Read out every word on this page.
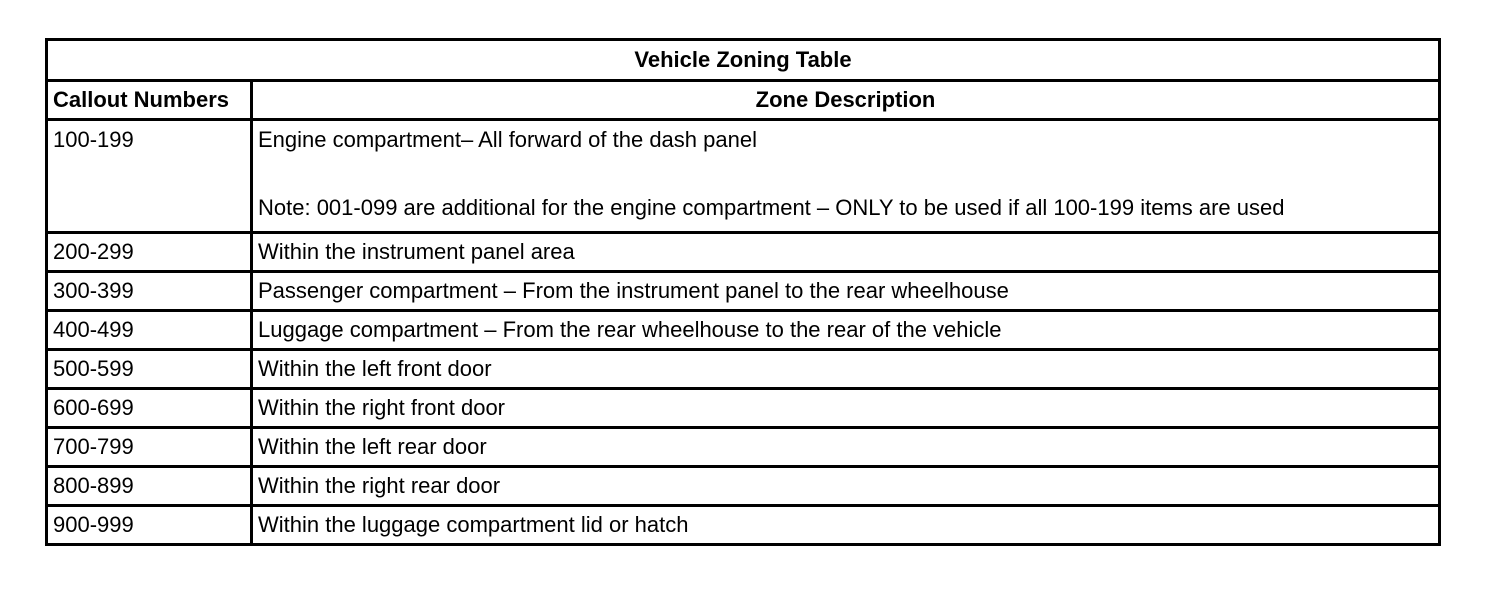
Vehicle Zoning Table	
Callout Numbers	Zone Description
100-199	Engine compartment– All forward of the dash panel
Note: 001-099 are additional for the engine compartment – ONLY to be used if all 100-199 items are used

200-299	Within the instrument panel area
300-399	Passenger compartment – From the instrument panel to the rear wheelhouse
400-499	Luggage compartment – From the rear wheelhouse to the rear of the vehicle
500-599	Within the left front door
600-699	Within the right front door
700-799	Within the left rear door
800-899	Within the right rear door
900-999	Within the luggage compartment lid or hatch
